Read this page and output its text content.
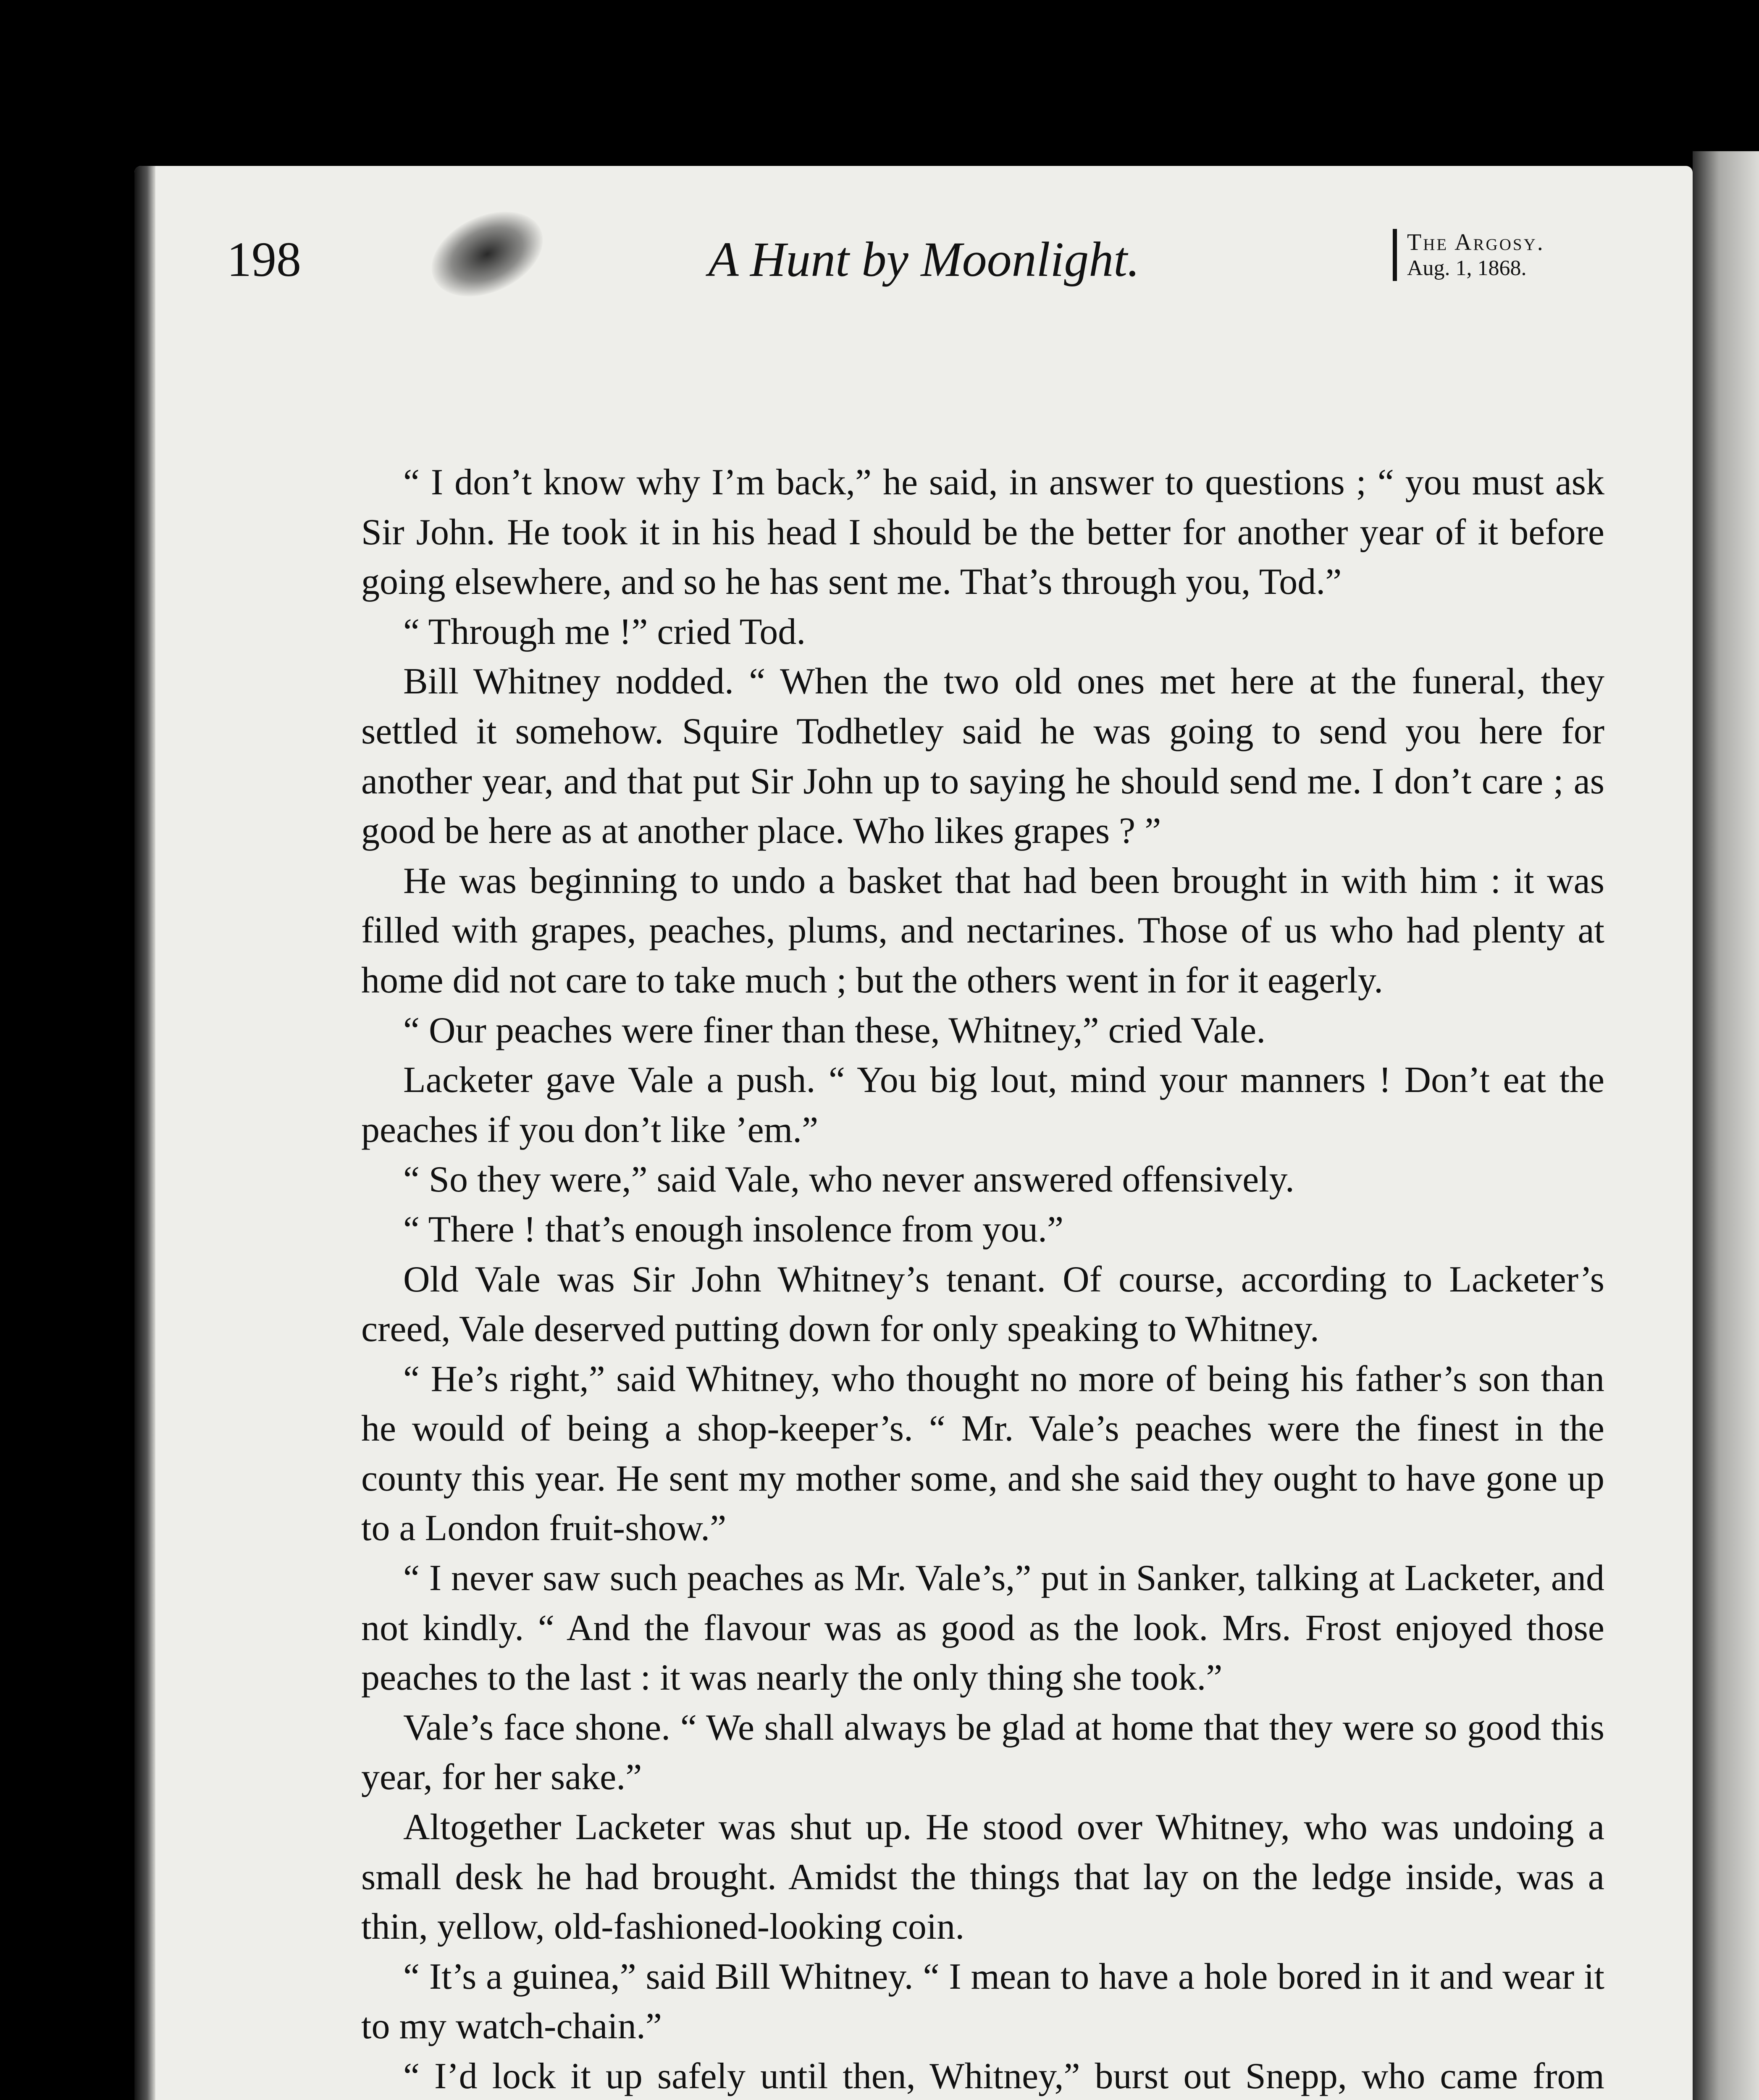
198	A Hunt by Moonlight.	The Argosy.
Aug. 1, 1868.

“ I don’t know why I’m back,” he said, in answer to questions ; “ you must ask Sir John. He took it in his head I should be the better for another year of it before going elsewhere, and so he has sent me. That’s through you, Tod.”

“ Through me !” cried Tod.

Bill Whitney nodded. “ When the two old ones met here at the funeral, they settled it somehow. Squire Todhetley said he was going to send you here for another year, and that put Sir John up to saying he should send me. I don’t care ; as good be here as at another place. Who likes grapes ? ”

He was beginning to undo a basket that had been brought in with him : it was filled with grapes, peaches, plums, and nectarines. Those of us who had plenty at home did not care to take much ; but the others went in for it eagerly.

“ Our peaches were finer than these, Whitney,” cried Vale.

Lacketer gave Vale a push. “ You big lout, mind your manners ! Don’t eat the peaches if you don’t like ’em.”

“ So they were,” said Vale, who never answered offensively.

“ There ! that’s enough insolence from you.”

Old Vale was Sir John Whitney’s tenant. Of course, according to Lacketer’s creed, Vale deserved putting down for only speaking to Whitney.

“ He’s right,” said Whitney, who thought no more of being his father’s son than he would of being a shop-keeper’s. “ Mr. Vale’s peaches were the finest in the county this year. He sent my mother some, and she said they ought to have gone up to a London fruit-show.”

“ I never saw such peaches as Mr. Vale’s,” put in Sanker, talking at Lacketer, and not kindly. “ And the flavour was as good as the look. Mrs. Frost enjoyed those peaches to the last : it was nearly the only thing she took.”

Vale’s face shone. “ We shall always be glad at home that they were so good this year, for her sake.”

Altogether Lacketer was shut up. He stood over Whitney, who was undoing a small desk he had brought. Amidst the things that lay on the ledge inside, was a thin, yellow, old-fashioned-looking coin.

“ It’s a guinea,” said Bill Whitney. “ I mean to have a hole bored in it and wear it to my watch-chain.”

“ I’d lock it up safely until then, Whitney,” burst out Snepp, who came from
